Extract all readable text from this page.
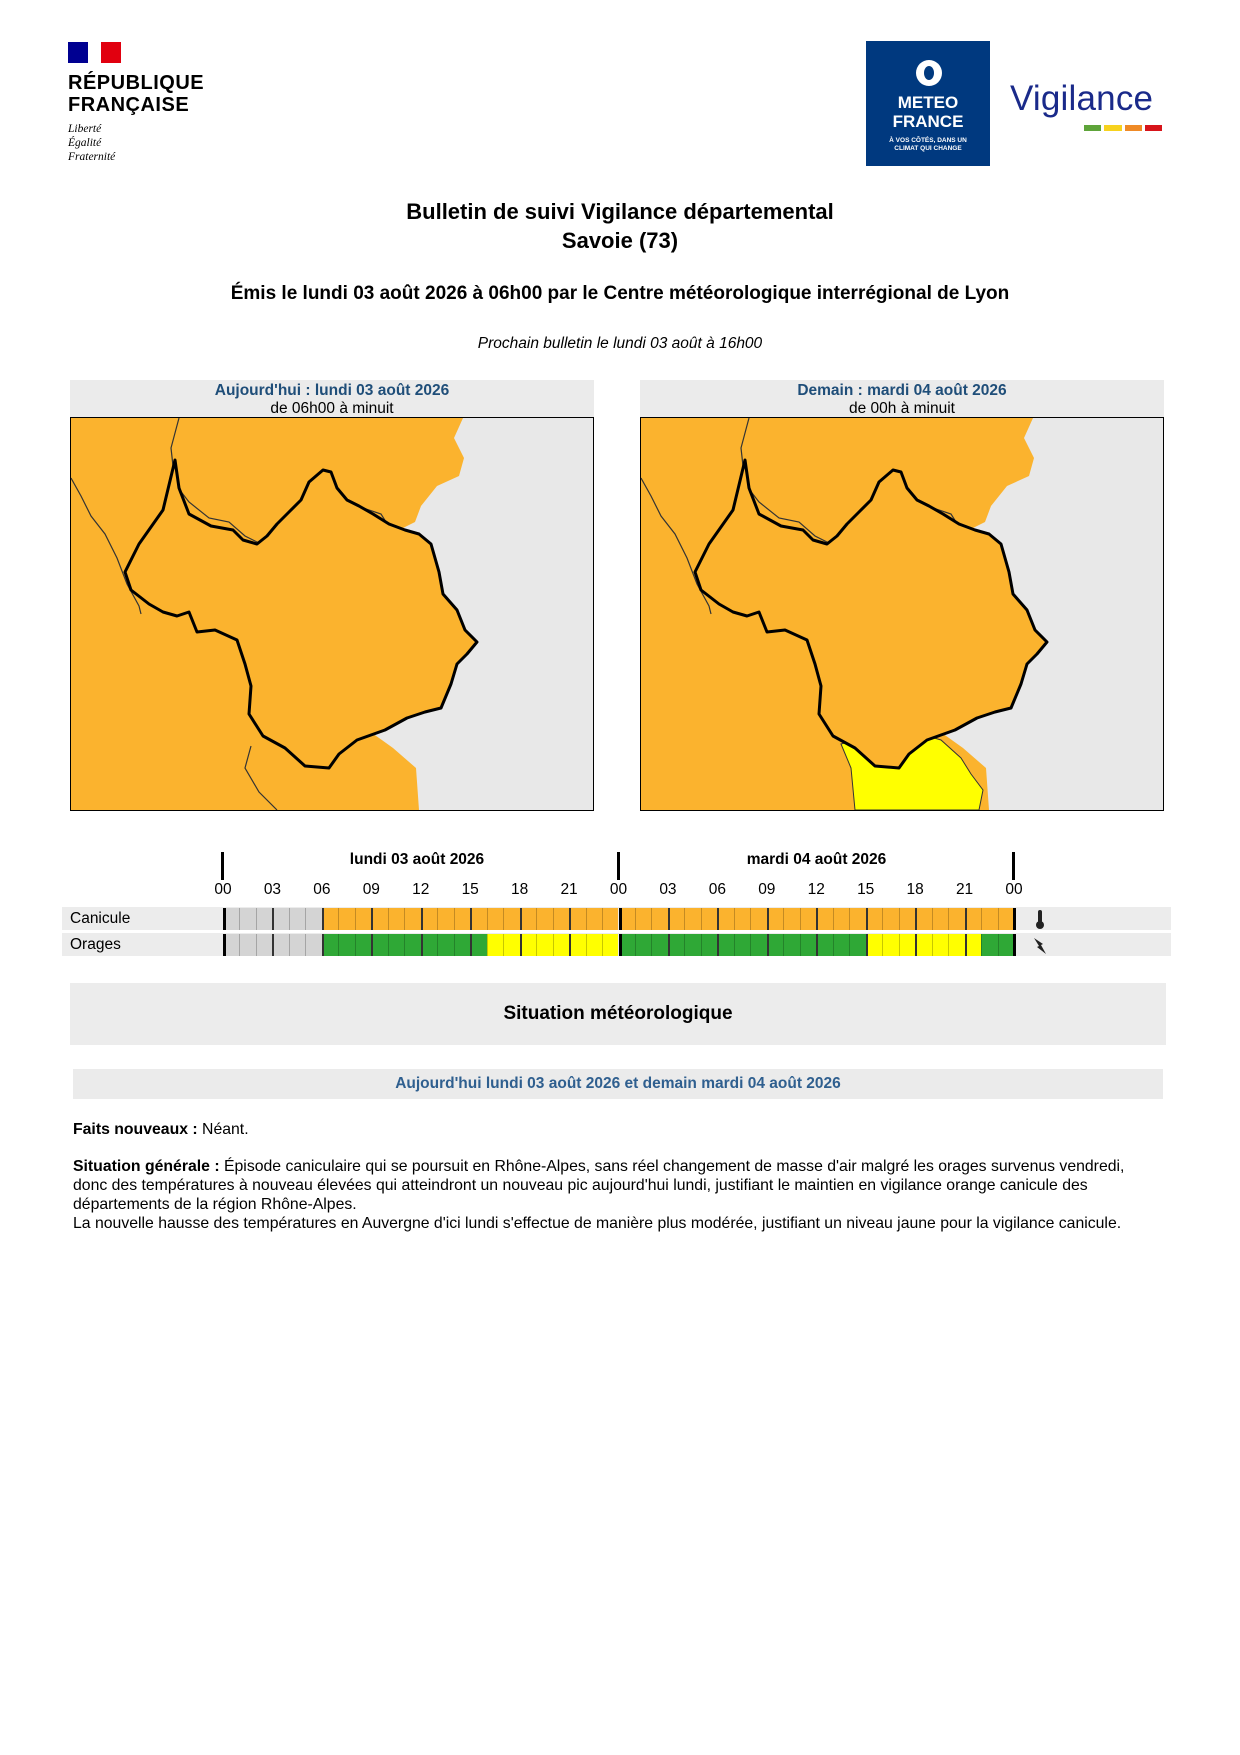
RÉPUBLIQUE
FRANÇAISE
Liberté
Égalité
Fraternité
METEO
FRANCE
À VOS CÔTÉS, DANS UN
CLIMAT QUI CHANGE
Vigilance
Bulletin de suivi Vigilance départemental
Savoie (73)
Émis le lundi 03 août 2026 à 06h00 par le Centre météorologique interrégional de Lyon
Prochain bulletin le lundi 03 août à 16h00
Aujourd'hui : lundi 03 août 2026
de 06h00 à minuit
Demain : mardi 04 août 2026
de 00h à minuit
lundi 03 août 2026	mardi 04 août 2026
00	03	06	09	12	15	18	21	00	03	06	09	12	15	18	21	00
Canicule
Orages
Situation météorologique
Aujourd'hui lundi 03 août 2026 et demain mardi 04 août 2026
Faits nouveaux : Néant.
Situation générale : Épisode caniculaire qui se poursuit en Rhône-Alpes, sans réel changement de masse d'air malgré les orages survenus vendredi, donc des températures à nouveau élevées qui atteindront un nouveau pic aujourd'hui lundi, justifiant le maintien en vigilance orange canicule des départements de la région Rhône-Alpes.
La nouvelle hausse des températures en Auvergne d'ici lundi s'effectue de manière plus modérée, justifiant un niveau jaune pour la vigilance canicule.
